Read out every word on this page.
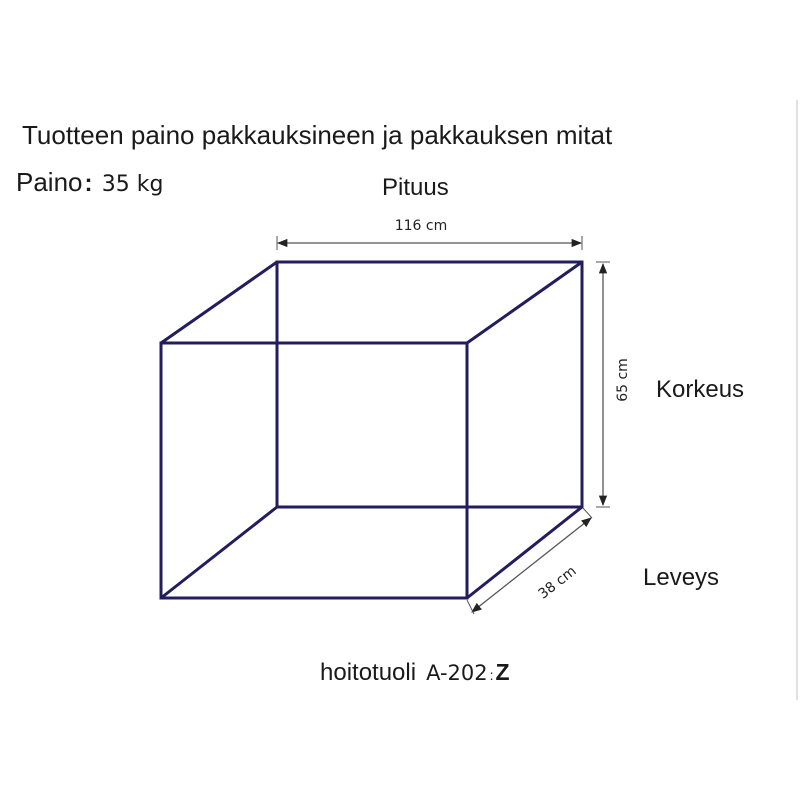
Tuotteen paino pakkauksineen ja pakkauksen mitat
Paino: 35 kg	Pituus
Korkeus
Leveys
116 cm
65 cm
38 cm
hoitotuoli A-202 :Z
